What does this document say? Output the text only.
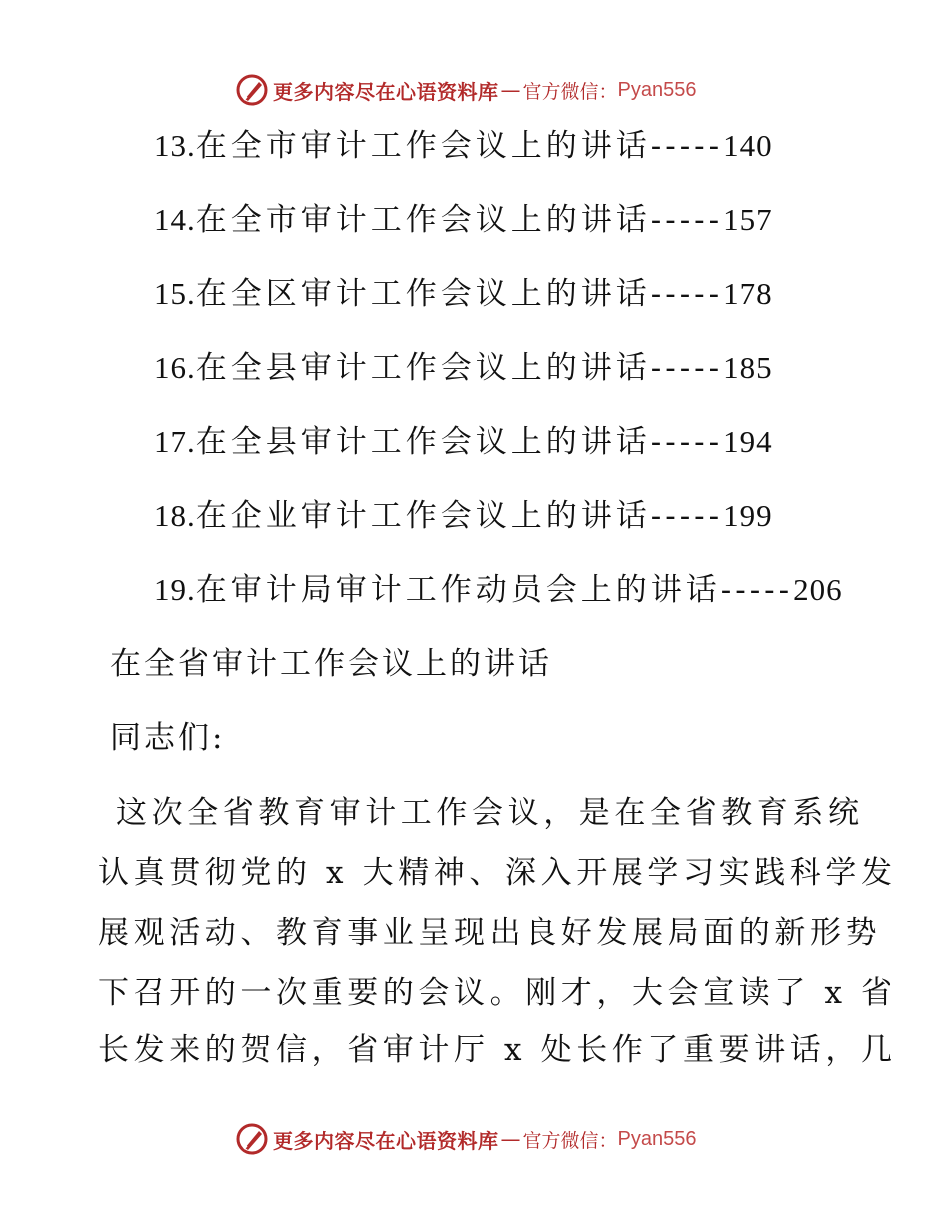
更多内容尽在心语资料库 — 官方微信： Pyan556
13.在全市审计工作会议上的讲话-----140
14.在全市审计工作会议上的讲话-----157
15.在全区审计工作会议上的讲话-----178
16.在全县审计工作会议上的讲话-----185
17.在全县审计工作会议上的讲话-----194
18.在企业审计工作会议上的讲话-----199
19.在审计局审计工作动员会上的讲话-----206
在全省审计工作会议上的讲话
同志们:
这次全省教育审计工作会议，是在全省教育系统
认真贯彻党的 x 大精神、深入开展学习实践科学发
展观活动、教育事业呈现出良好发展局面的新形势
下召开的一次重要的会议。刚才，大会宣读了 x 省
长发来的贺信，省审计厅 x 处长作了重要讲话，几
更多内容尽在心语资料库 — 官方微信： Pyan556
